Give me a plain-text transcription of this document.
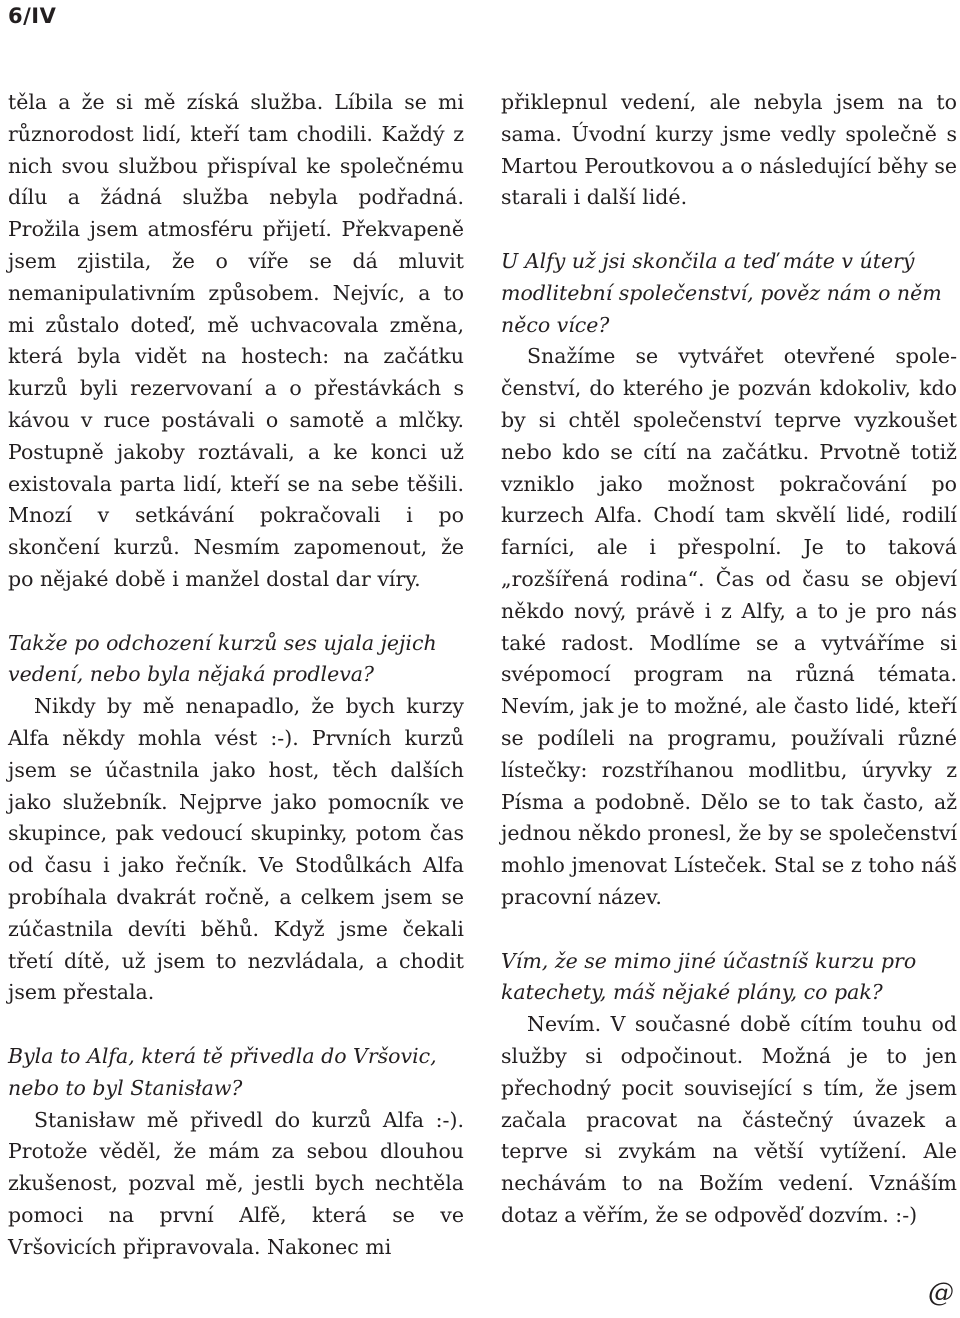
6/IV

těla a že si mě získá služba. Líbila se mi různorodost lidí, kteří tam chodili. Každý z nich svou službou přispíval ke společnému dílu a žádná služba nebyla podřadná. Prožila jsem atmosféru přijetí. Překvapeně jsem zjistila, že o víře se dá mluvit nemanipulativním způsobem. Nejvíc, a to mi zůstalo doteď, mě uchvacovala změna, která byla vidět na hostech: na začátku kurzů byli rezervovaní a o přestávkách s kávou v ruce postávali o samotě a mlčky. Postupně jakoby roztávali, a ke konci už existovala parta lidí, kteří se na sebe těšili. Mnozí v setkávání pokračovali i po skončení kurzů. Nesmím zapomenout, že po nějaké době i manžel dostal dar víry.

Takže po odchození kurzů ses ujala jejich vedení, nebo byla nějaká prodleva?

Nikdy by mě nenapadlo, že bych kurzy Alfa někdy mohla vést :-). Prvních kurzů jsem se účastnila jako host, těch dalších jako služebník. Nejprve jako pomocník ve skupince, pak vedoucí skupinky, potom čas od času i jako řečník. Ve Stodůlkách Alfa probíhala dvakrát ročně, a celkem jsem se zúčastnila devíti běhů. Když jsme čekali třetí dítě, už jsem to nezvládala, a chodit jsem přestala.

Byla to Alfa, která tě přivedla do Vršovic, nebo to byl Stanisław?

Stanisław mě přivedl do kurzů Alfa :-). Protože věděl, že mám za sebou dlouhou zkušenost, pozval mě, jestli bych nechtěla pomoci na první Alfě, která se ve Vršovicích připravovala. Nakonec mi

přiklepnul vedení, ale nebyla jsem na to sama. Úvodní kurzy jsme vedly společně s Martou Peroutkovou a o následující běhy se starali i další lidé.

U Alfy už jsi skončila a teď máte v úterý modlitební společenství, pověz nám o něm něco více?

Snažíme se vytvářet otevřené společenství, do kterého je pozván kdokoliv, kdo by si chtěl společenství teprve vyzkoušet nebo kdo se cítí na začátku. Prvotně totiž vzniklo jako možnost pokračování po kurzech Alfa. Chodí tam skvělí lidé, rodilí farníci, ale i přespolní. Je to taková „rozšířená rodina“. Čas od času se objeví někdo nový, právě i z Alfy, a to je pro nás také radost. Modlíme se a vytváříme si svépomocí program na různá témata. Nevím, jak je to možné, ale často lidé, kteří se podíleli na programu, používali různé lístečky: rozstříhanou modlitbu, úryvky z Písma a podobně. Dělo se to tak často, až jednou někdo pronesl, že by se společenství mohlo jmenovat Lísteček. Stal se z toho náš pracovní název.

Vím, že se mimo jiné účastníš kurzu pro katechety, máš nějaké plány, co pak?

Nevím. V současné době cítím touhu od služby si odpočinout. Možná je to jen přechodný pocit související s tím, že jsem začala pracovat na částečný úvazek a teprve si zvykám na větší vytížení. Ale nechávám to na Božím vedení. Vznáším dotaz a věřím, že se odpověď dozvím. :-)

@
